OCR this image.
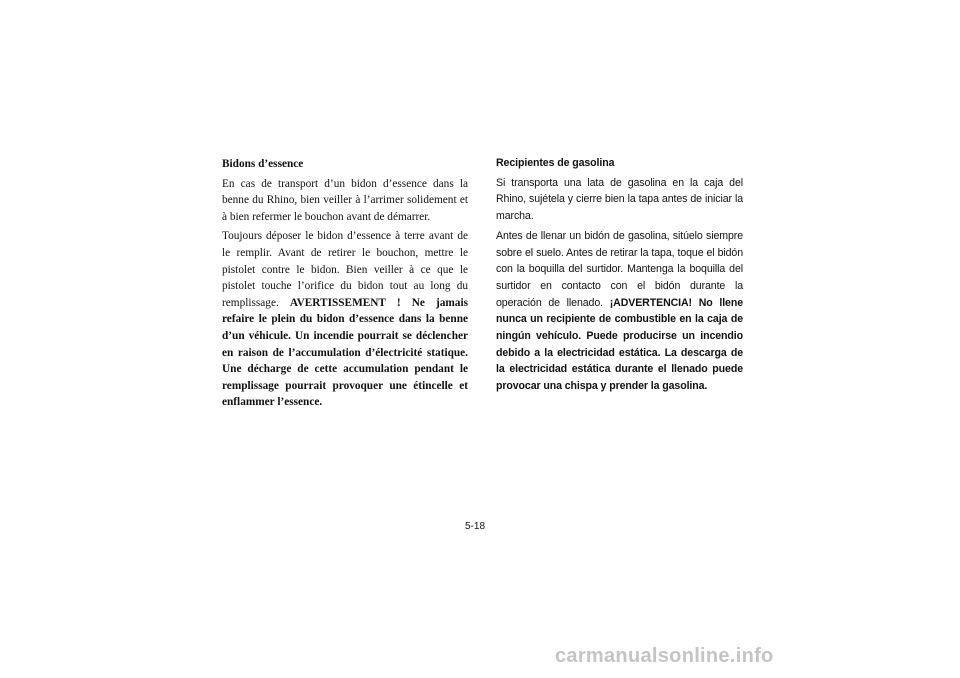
Bidons d’essence
En cas de transport d’un bidon d’essence dans la benne du Rhino, bien veiller à l’arrimer solidement et à bien refermer le bouchon avant de démarrer.
Toujours déposer le bidon d’essence à terre avant de le remplir. Avant de retirer le bouchon, mettre le pistolet contre le bidon. Bien veiller à ce que le pistolet touche l’orifice du bidon tout au long du remplissage. AVERTISSEMENT ! Ne jamais refaire le plein du bidon d’essence dans la benne d’un véhicule. Un incendie pourrait se déclencher en raison de l’accumulation d’électricité statique. Une décharge de cette accumulation pendant le remplissage pourrait provoquer une étincelle et enflammer l’essence.
Recipientes de gasolina
Si transporta una lata de gasolina en la caja del Rhino, sujétela y cierre bien la tapa antes de iniciar la marcha.
Antes de llenar un bidón de gasolina, sitúelo siempre sobre el suelo. Antes de retirar la tapa, toque el bidón con la boquilla del surtidor. Mantenga la boquilla del surtidor en contacto con el bidón durante la operación de llenado. ¡ADVERTENCIA! No llene nunca un recipiente de combustible en la caja de ningún vehículo. Puede producirse un incendio debido a la electricidad estática. La descarga de la electricidad estática durante el llenado puede provocar una chispa y prender la gasolina.
5-18
carmanualsonline.info
